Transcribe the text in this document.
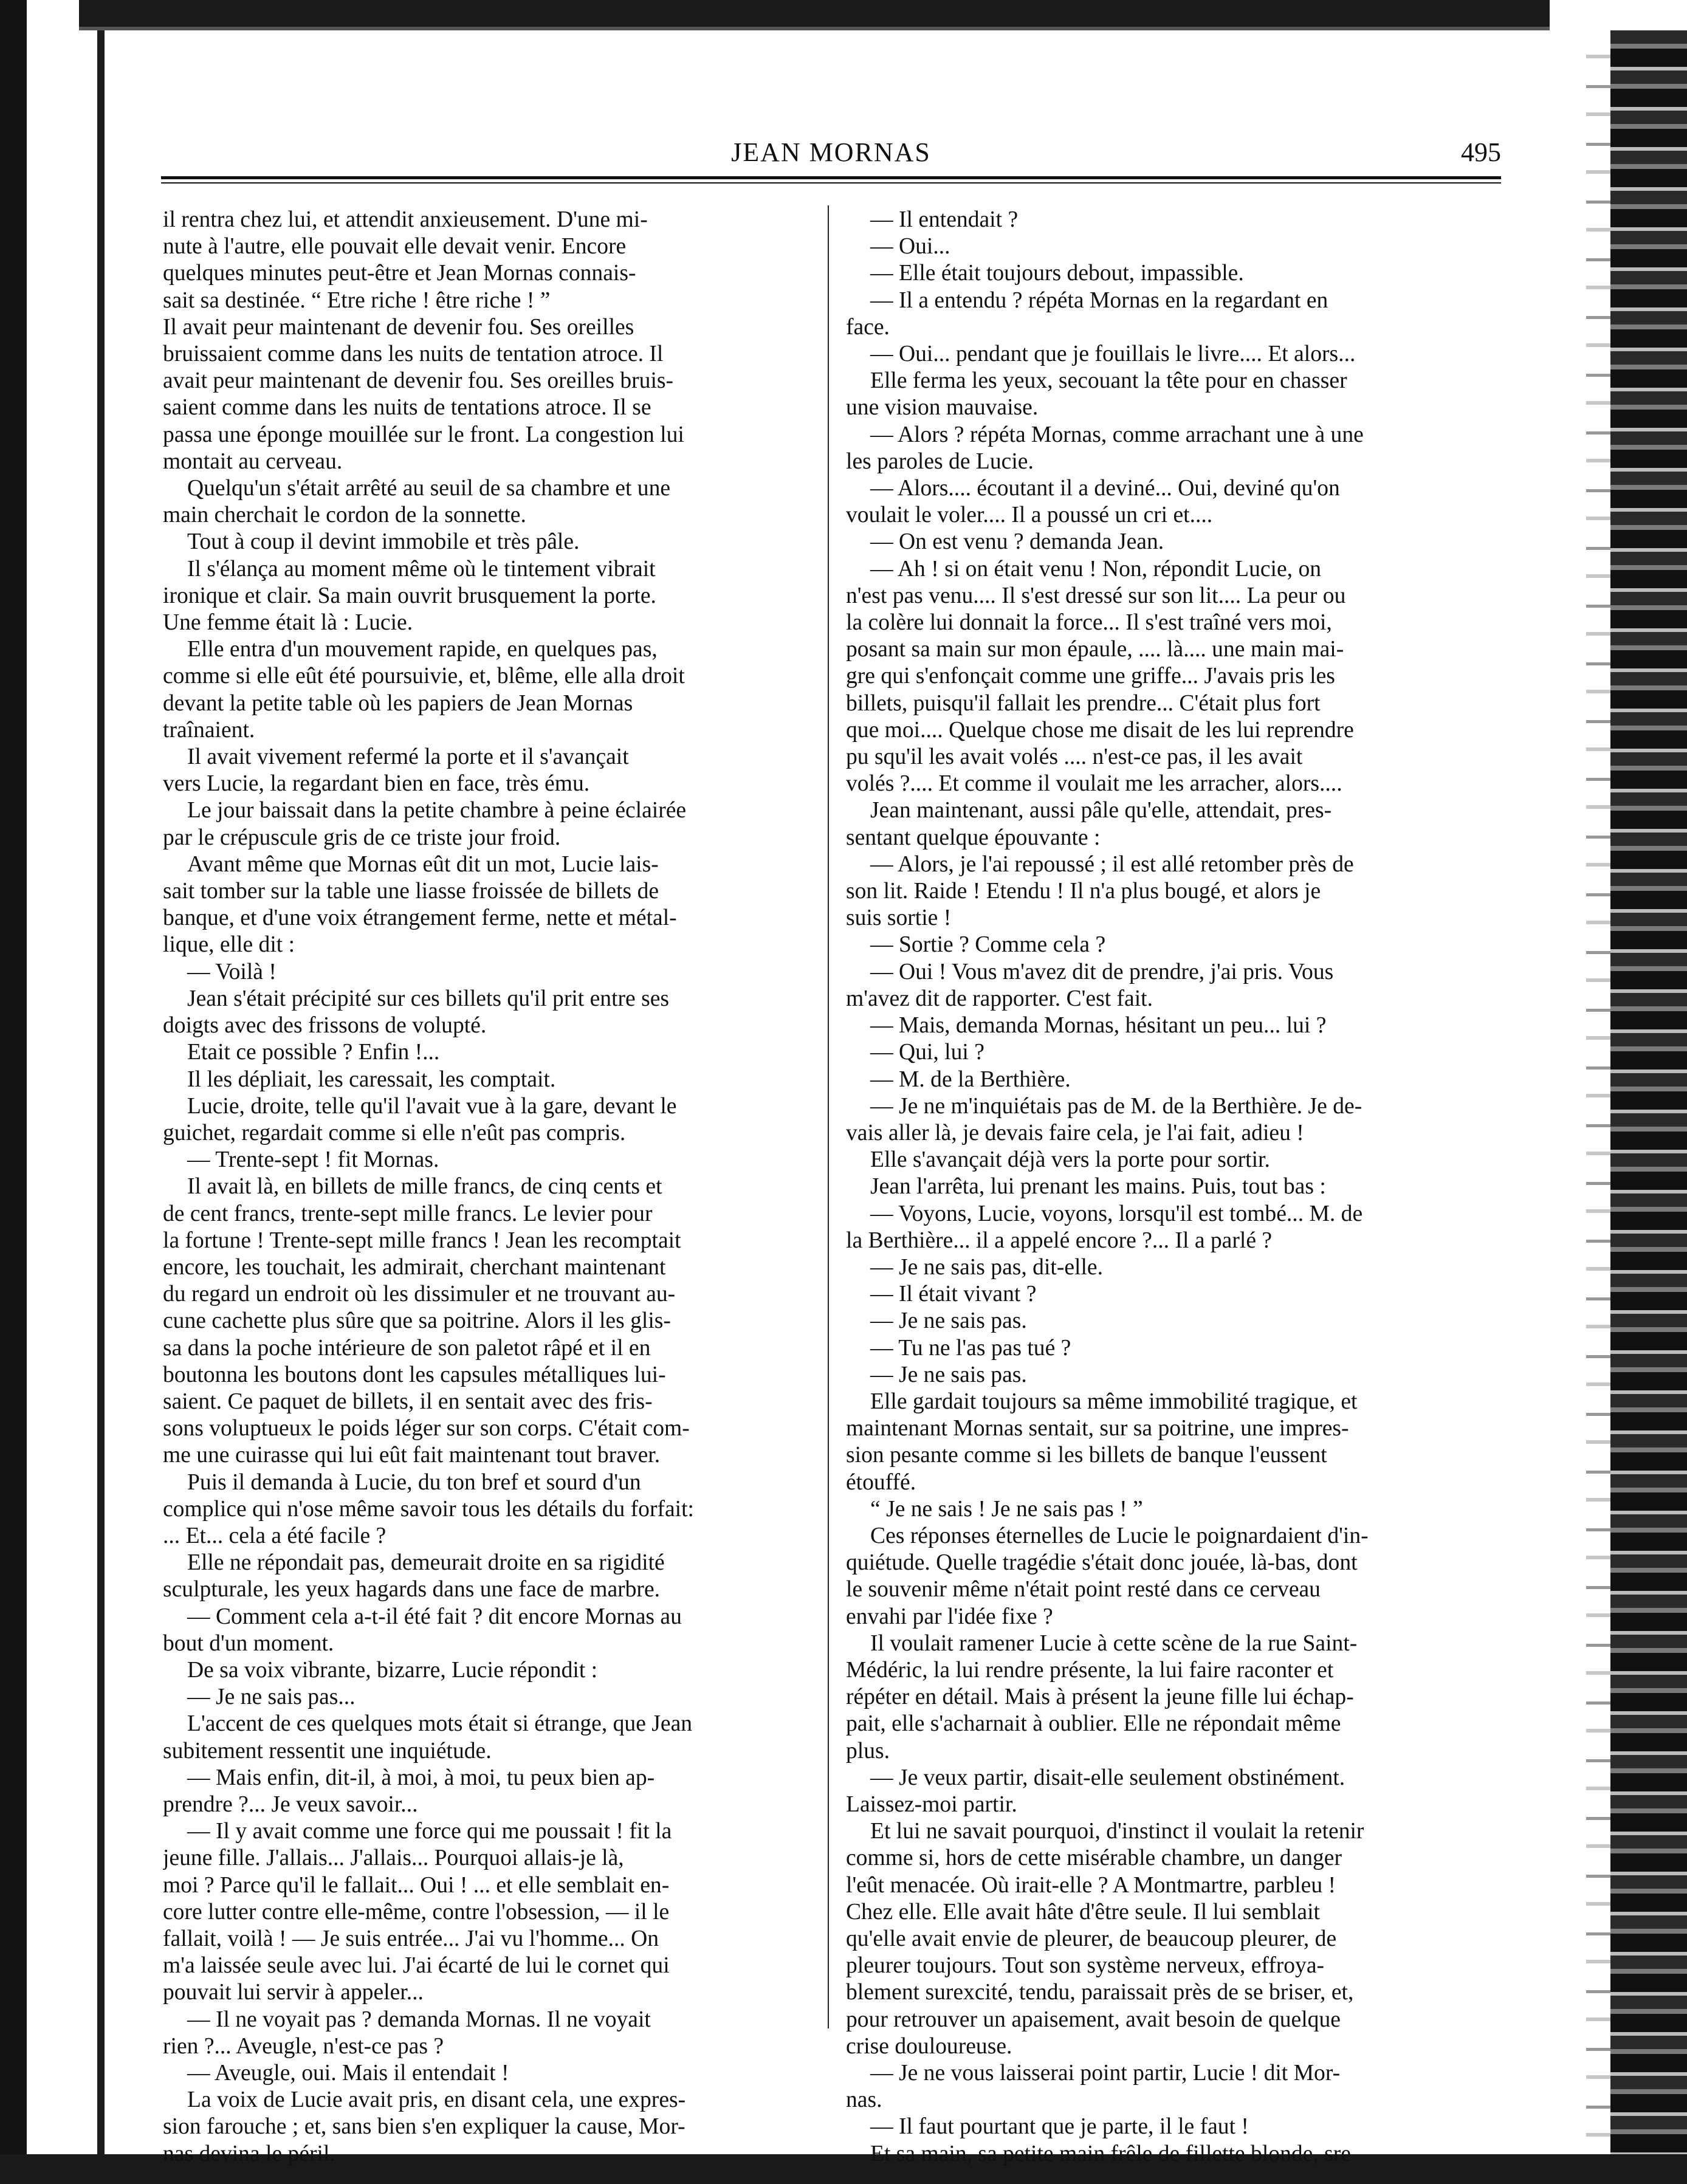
JEAN MORNAS	495

il rentra chez lui, et attendit anxieusement. D'une mi-

nute à l'autre, elle pouvait elle devait venir. Encore

quelques minutes peut-être et Jean Mornas connais-

sait sa destinée. “ Etre riche ! être riche ! ”

Il avait peur maintenant de devenir fou. Ses oreilles

bruissaient comme dans les nuits de tentation atroce. Il

avait peur maintenant de devenir fou. Ses oreilles bruis-

saient comme dans les nuits de tentations atroce. Il se

passa une éponge mouillée sur le front. La congestion lui

montait au cerveau.

Quelqu'un s'était arrêté au seuil de sa chambre et une

main cherchait le cordon de la sonnette.

Tout à coup il devint immobile et très pâle.

Il s'élança au moment même où le tintement vibrait

ironique et clair. Sa main ouvrit brusquement la porte.

Une femme était là : Lucie.

Elle entra d'un mouvement rapide, en quelques pas,

comme si elle eût été poursuivie, et, blême, elle alla droit

devant la petite table où les papiers de Jean Mornas

traînaient.

Il avait vivement refermé la porte et il s'avançait

vers Lucie, la regardant bien en face, très ému.

Le jour baissait dans la petite chambre à peine éclairée

par le crépuscule gris de ce triste jour froid.

Avant même que Mornas eût dit un mot, Lucie lais-

sait tomber sur la table une liasse froissée de billets de

banque, et d'une voix étrangement ferme, nette et métal-

lique, elle dit :

— Voilà !

Jean s'était précipité sur ces billets qu'il prit entre ses

doigts avec des frissons de volupté.

Etait ce possible ? Enfin !...

Il les dépliait, les caressait, les comptait.

Lucie, droite, telle qu'il l'avait vue à la gare, devant le

guichet, regardait comme si elle n'eût pas compris.

— Trente-sept ! fit Mornas.

Il avait là, en billets de mille francs, de cinq cents et

de cent francs, trente-sept mille francs. Le levier pour

la fortune ! Trente-sept mille francs ! Jean les recomptait

encore, les touchait, les admirait, cherchant maintenant

du regard un endroit où les dissimuler et ne trouvant au-

cune cachette plus sûre que sa poitrine. Alors il les glis-

sa dans la poche intérieure de son paletot râpé et il en

boutonna les boutons dont les capsules métalliques lui-

saient. Ce paquet de billets, il en sentait avec des fris-

sons voluptueux le poids léger sur son corps. C'était com-

me une cuirasse qui lui eût fait maintenant tout braver.

Puis il demanda à Lucie, du ton bref et sourd d'un

complice qui n'ose même savoir tous les détails du forfait:

... Et... cela a été facile ?

Elle ne répondait pas, demeurait droite en sa rigidité

sculpturale, les yeux hagards dans une face de marbre.

— Comment cela a-t-il été fait ? dit encore Mornas au

bout d'un moment.

De sa voix vibrante, bizarre, Lucie répondit :

— Je ne sais pas...

L'accent de ces quelques mots était si étrange, que Jean

subitement ressentit une inquiétude.

— Mais enfin, dit-il, à moi, à moi, tu peux bien ap-

prendre ?... Je veux savoir...

— Il y avait comme une force qui me poussait ! fit la

jeune fille. J'allais... J'allais... Pourquoi allais-je là,

moi ? Parce qu'il le fallait... Oui ! ... et elle semblait en-

core lutter contre elle-même, contre l'obsession, — il le

fallait, voilà ! — Je suis entrée... J'ai vu l'homme... On

m'a laissée seule avec lui. J'ai écarté de lui le cornet qui

pouvait lui servir à appeler...

— Il ne voyait pas ? demanda Mornas. Il ne voyait

rien ?... Aveugle, n'est-ce pas ?

— Aveugle, oui. Mais il entendait !

La voix de Lucie avait pris, en disant cela, une expres-

sion farouche ; et, sans bien s'en expliquer la cause, Mor-

nas devina le péril.

— Il entendait ?

— Oui...

— Elle était toujours debout, impassible.

— Il a entendu ? répéta Mornas en la regardant en

face.

— Oui... pendant que je fouillais le livre.... Et alors...

Elle ferma les yeux, secouant la tête pour en chasser

une vision mauvaise.

— Alors ? répéta Mornas, comme arrachant une à une

les paroles de Lucie.

— Alors.... écoutant il a deviné... Oui, deviné qu'on

voulait le voler.... Il a poussé un cri et....

— On est venu ? demanda Jean.

— Ah ! si on était venu ! Non, répondit Lucie, on

n'est pas venu.... Il s'est dressé sur son lit.... La peur ou

la colère lui donnait la force... Il s'est traîné vers moi,

posant sa main sur mon épaule, .... là.... une main mai-

gre qui s'enfonçait comme une griffe... J'avais pris les

billets, puisqu'il fallait les prendre... C'était plus fort

que moi.... Quelque chose me disait de les lui reprendre

pu squ'il les avait volés .... n'est-ce pas, il les avait

volés ?.... Et comme il voulait me les arracher, alors....

Jean maintenant, aussi pâle qu'elle, attendait, pres-

sentant quelque épouvante :

— Alors, je l'ai repoussé ; il est allé retomber près de

son lit. Raide ! Etendu ! Il n'a plus bougé, et alors je

suis sortie !

— Sortie ? Comme cela ?

— Oui ! Vous m'avez dit de prendre, j'ai pris. Vous

m'avez dit de rapporter. C'est fait.

— Mais, demanda Mornas, hésitant un peu... lui ?

— Qui, lui ?

— M. de la Berthière.

— Je ne m'inquiétais pas de M. de la Berthière. Je de-

vais aller là, je devais faire cela, je l'ai fait, adieu !

Elle s'avançait déjà vers la porte pour sortir.

Jean l'arrêta, lui prenant les mains. Puis, tout bas :

— Voyons, Lucie, voyons, lorsqu'il est tombé... M. de

la Berthière... il a appelé encore ?... Il a parlé ?

— Je ne sais pas, dit-elle.

— Il était vivant ?

— Je ne sais pas.

— Tu ne l'as pas tué ?

— Je ne sais pas.

Elle gardait toujours sa même immobilité tragique, et

maintenant Mornas sentait, sur sa poitrine, une impres-

sion pesante comme si les billets de banque l'eussent

étouffé.

“ Je ne sais ! Je ne sais pas ! ”

Ces réponses éternelles de Lucie le poignardaient d'in-

quiétude. Quelle tragédie s'était donc jouée, là-bas, dont

le souvenir même n'était point resté dans ce cerveau

envahi par l'idée fixe ?

Il voulait ramener Lucie à cette scène de la rue Saint-

Médéric, la lui rendre présente, la lui faire raconter et

répéter en détail. Mais à présent la jeune fille lui échap-

pait, elle s'acharnait à oublier. Elle ne répondait même

plus.

— Je veux partir, disait-elle seulement obstinément.

Laissez-moi partir.

Et lui ne savait pourquoi, d'instinct il voulait la retenir

comme si, hors de cette misérable chambre, un danger

l'eût menacée. Où irait-elle ? A Montmartre, parbleu !

Chez elle. Elle avait hâte d'être seule. Il lui semblait

qu'elle avait envie de pleurer, de beaucoup pleurer, de

pleurer toujours. Tout son système nerveux, effroya-

blement surexcité, tendu, paraissait près de se briser, et,

pour retrouver un apaisement, avait besoin de quelque

crise douloureuse.

— Je ne vous laisserai point partir, Lucie ! dit Mor-

nas.

— Il faut pourtant que je parte, il le faut !

Et sa main, sa petite main frêle de fillette blonde, sre
